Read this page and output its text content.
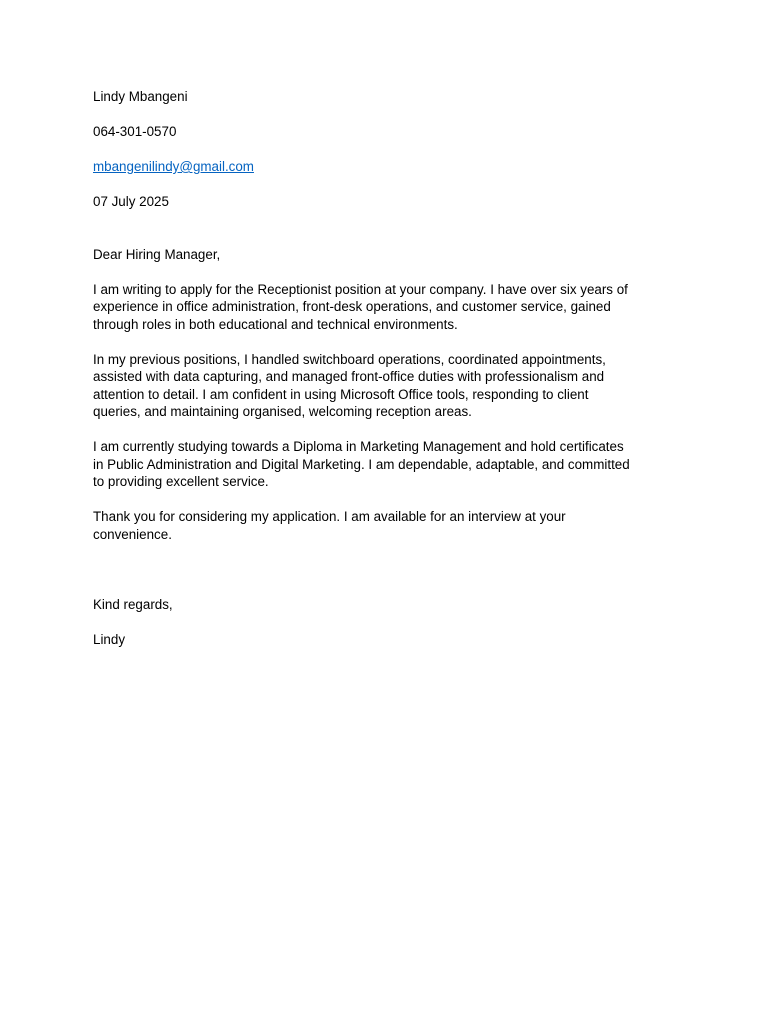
Lindy Mbangeni

064-301-0570

mbangenilindy@gmail.com

07 July 2025

Dear Hiring Manager,

I am writing to apply for the Receptionist position at your company. I have over six years of

experience in office administration, front-desk operations, and customer service, gained

through roles in both educational and technical environments.

In my previous positions, I handled switchboard operations, coordinated appointments,

assisted with data capturing, and managed front-office duties with professionalism and

attention to detail. I am confident in using Microsoft Office tools, responding to client

queries, and maintaining organised, welcoming reception areas.

I am currently studying towards a Diploma in Marketing Management and hold certificates

in Public Administration and Digital Marketing. I am dependable, adaptable, and committed

to providing excellent service.

Thank you for considering my application. I am available for an interview at your

convenience.

Kind regards,

Lindy
